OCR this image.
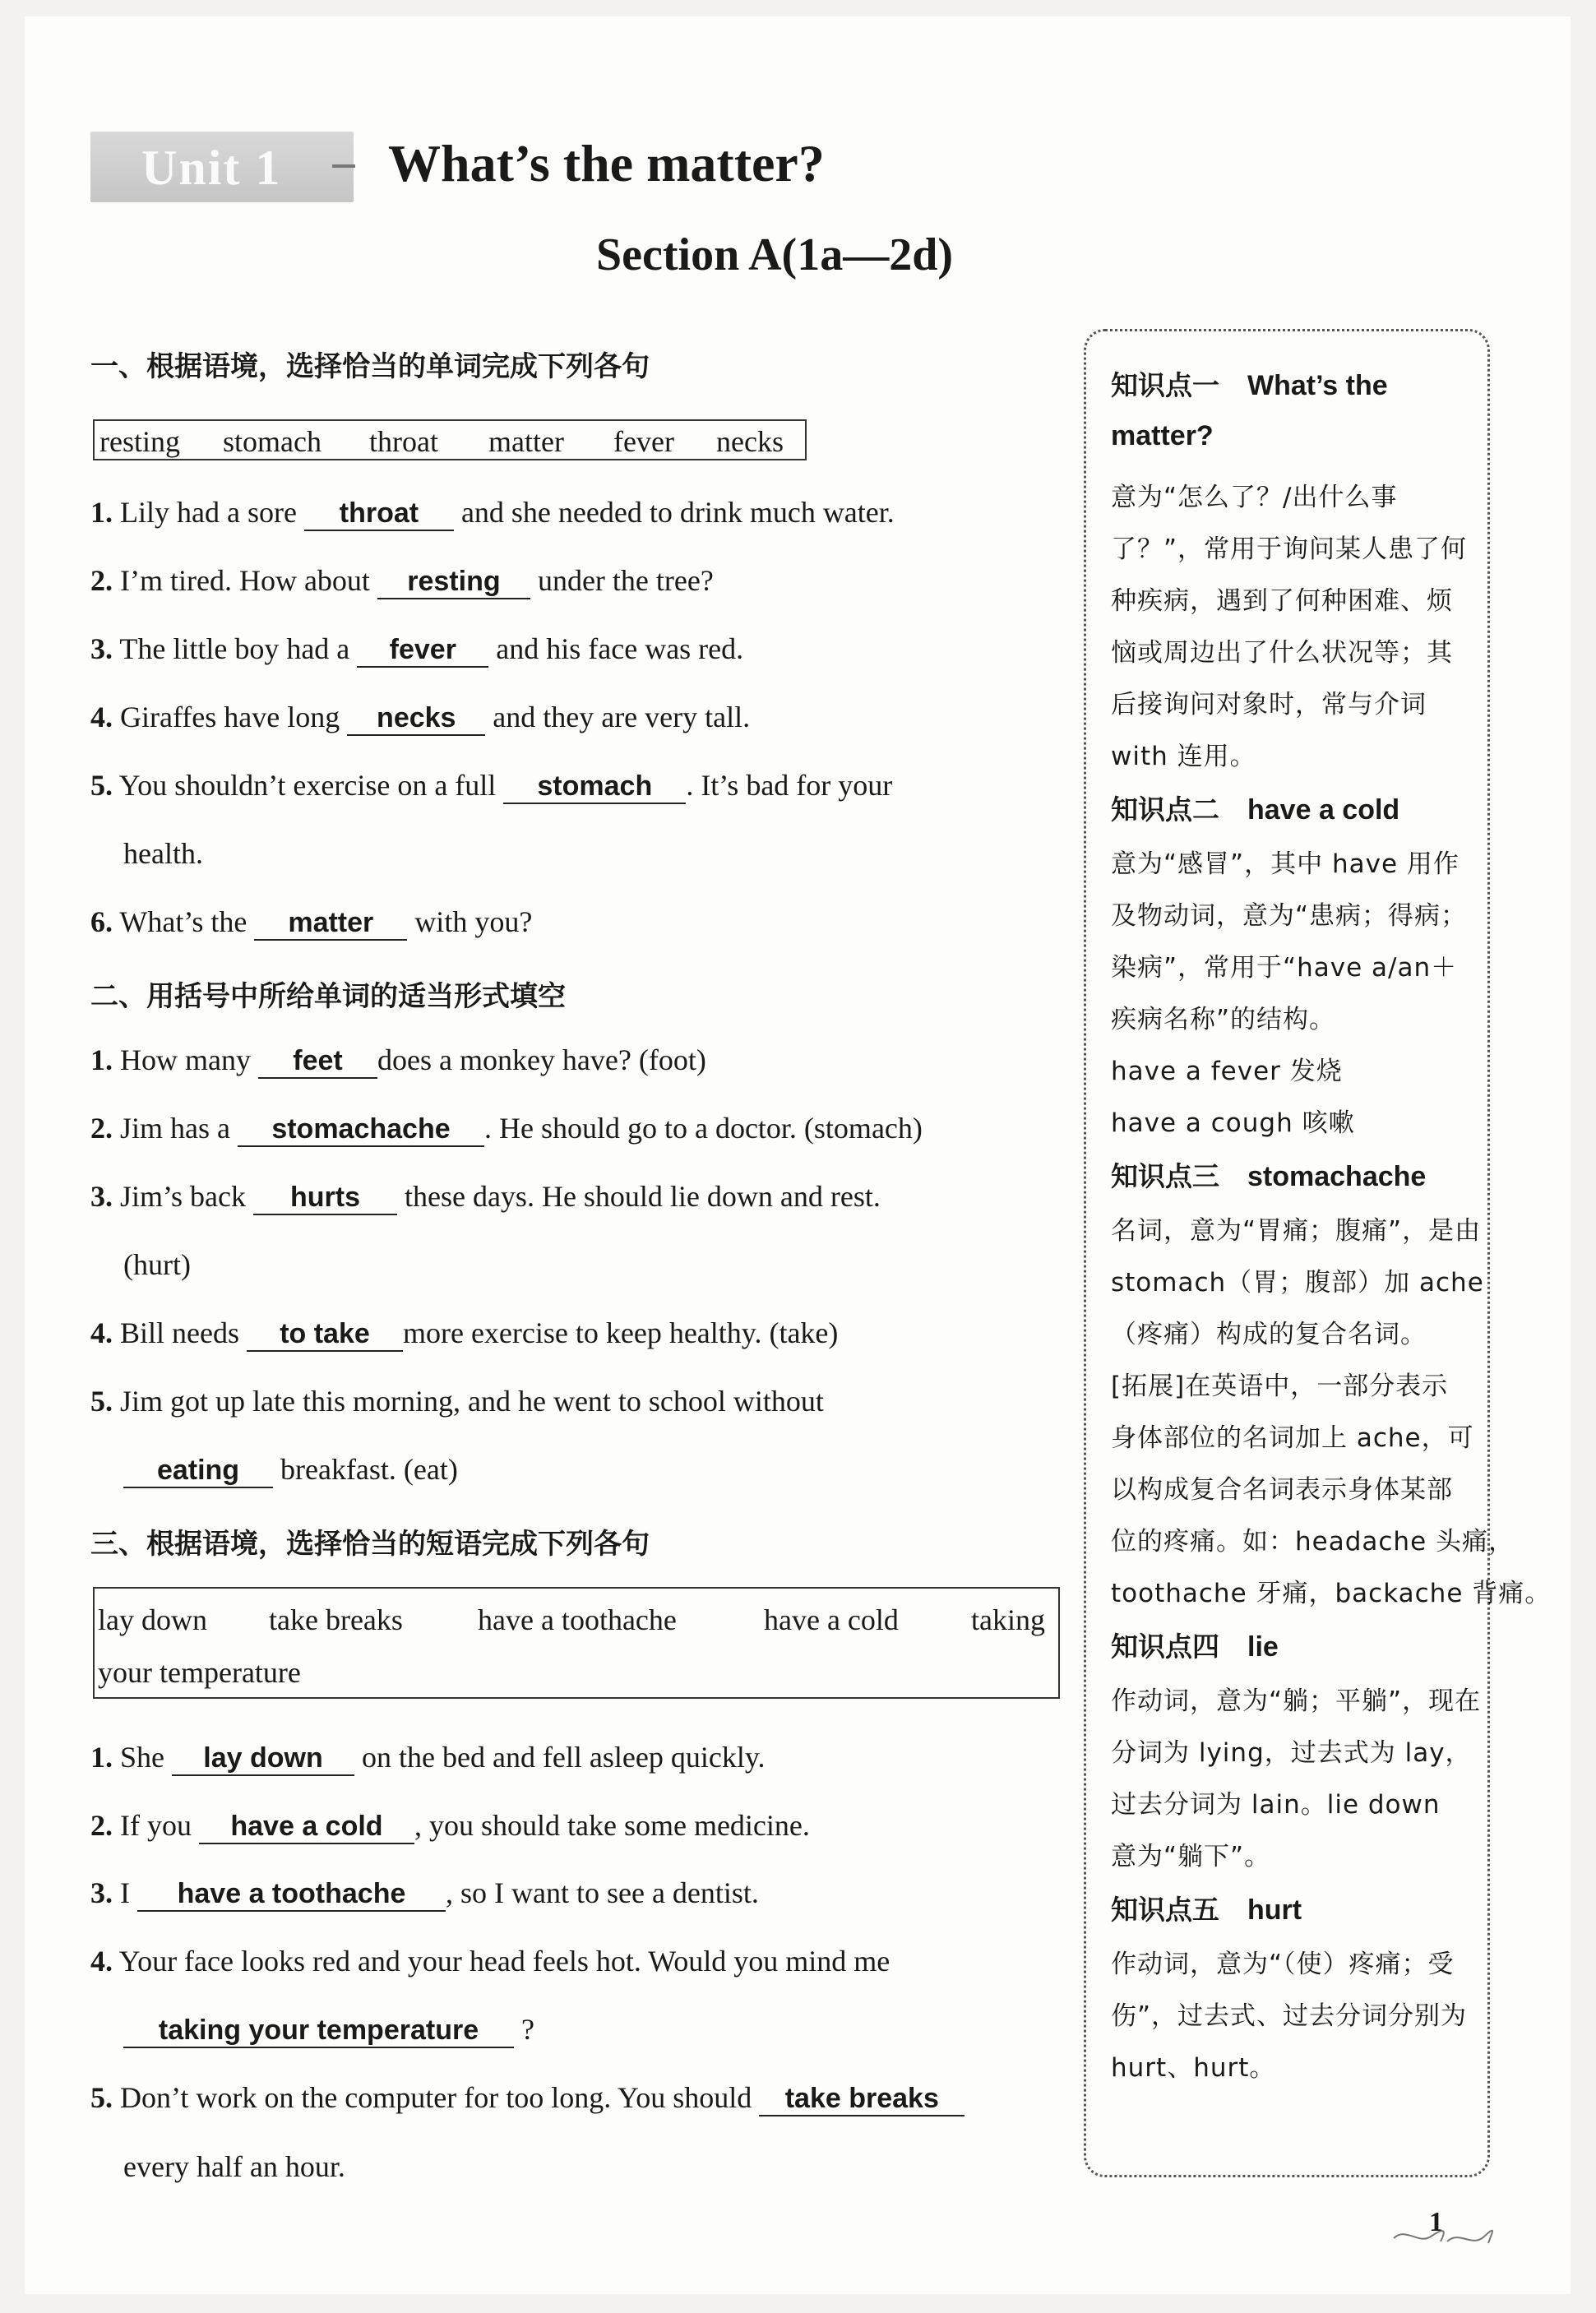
Unit 1 What’s the matter?
Section A(1a—2d)
一、根据语境，选择恰当的单词完成下列各句
resting stomach throat matter fever necks
1. Lily had a sore throat and she needed to drink much water.
2. I’m tired. How about resting under the tree?
3. The little boy had a fever and his face was red.
4. Giraffes have long necks and they are very tall.
5. You shouldn’t exercise on a full stomach . It’s bad for your
health.
6. What’s the matter with you?
二、用括号中所给单词的适当形式填空
1. How many feet does a monkey have? (foot)
2. Jim has a stomachache . He should go to a doctor. (stomach)
3. Jim’s back hurts these days. He should lie down and rest.
(hurt)
4. Bill needs to take more exercise to keep healthy. (take)
5. Jim got up late this morning, and he went to school without
eating breakfast. (eat)
三、根据语境，选择恰当的短语完成下列各句
lay down take breaks	have a toothache	have a cold taking
your temperature
1. She lay down on the bed and fell asleep quickly.
2. If you have a cold , you should take some medicine.
3. I have a toothache , so I want to see a dentist.
4. Your face looks red and your head feels hot. Would you mind me
taking your temperature ?
5. Don’t work on the computer for too long. You should take breaks
every half an hour.
知识点一 What’s the
matter?
意为“怎么了？/出什么事
了？”，常用于询问某人患了何
种疾病，遇到了何种困难、烦
恼或周边出了什么状况等；其
后接询问对象时，常与介词
with 连用。
知识点二 have a cold
意为“感冒”，其中 have 用作
及物动词，意为“患病；得病；
染病”，常用于“have a/an＋
疾病名称”的结构。
have a fever 发烧
have a cough 咳嗽
知识点三 stomachache
名词，意为“胃痛；腹痛”，是由
stomach（胃；腹部）加 ache
（疼痛）构成的复合名词。
[拓展]在英语中，一部分表示
身体部位的名词加上 ache，可
以构成复合名词表示身体某部
位的疼痛。如：headache 头痛，
toothache 牙痛，backache 背痛。
知识点四 lie
作动词，意为“躺；平躺”，现在
分词为 lying，过去式为 lay，
过去分词为 lain。lie down
意为“躺下”。
知识点五 hurt
作动词，意为“（使）疼痛；受
伤”，过去式、过去分词分别为
hurt、hurt。
1
